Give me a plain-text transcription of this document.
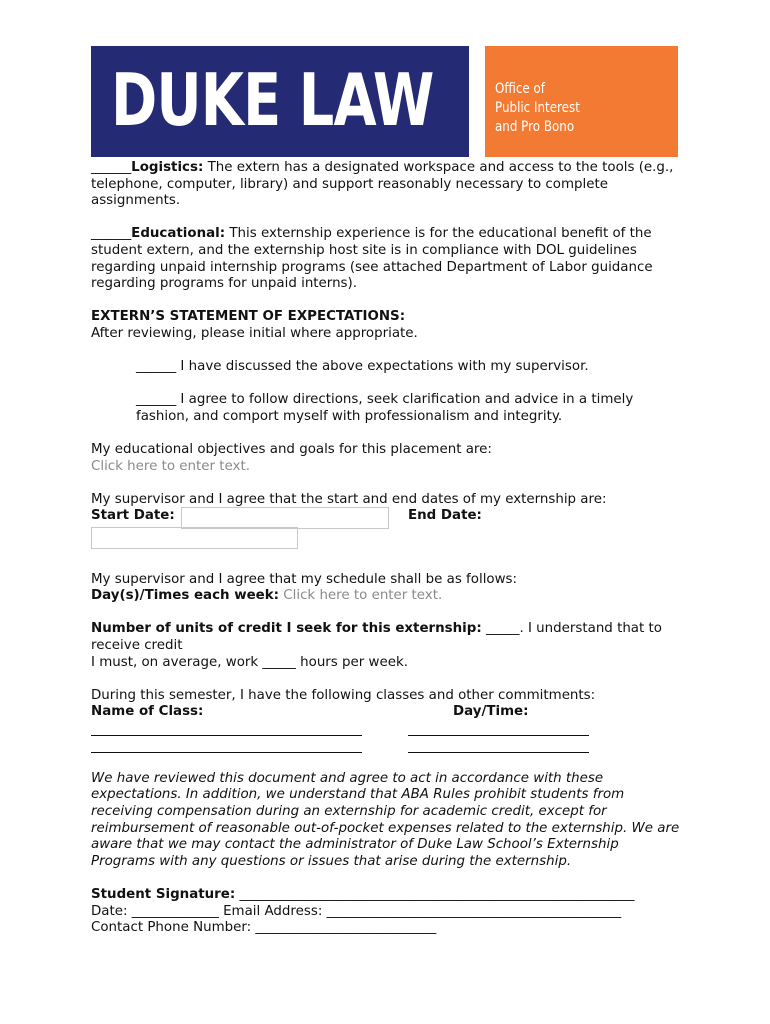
DUKE LAW	Office of
Public Interest
and Pro Bono

______Logistics: The extern has a designated workspace and access to the tools (e.g., telephone, computer, library) and support reasonably necessary to complete assignments.

______Educational: This externship experience is for the educational benefit of the student extern, and the externship host site is in compliance with DOL guidelines regarding unpaid internship programs (see attached Department of Labor guidance regarding programs for unpaid interns).

EXTERN’S STATEMENT OF EXPECTATIONS:

After reviewing, please initial where appropriate.

______ I have discussed the above expectations with my supervisor.

______ I agree to follow directions, seek clarification and advice in a timely fashion, and comport myself with professionalism and integrity.

My educational objectives and goals for this placement are:

Click here to enter text.

My supervisor and I agree that the start and end dates of my externship are:

Start Date:	End Date:

My supervisor and I agree that my schedule shall be as follows:

Day(s)/Times each week: Click here to enter text.

Number of units of credit I seek for this externship: _____. I understand that to receive credit

I must, on average, work _____ hours per week.

During this semester, I have the following classes and other commitments:

Name of Class:	Day/Time:

We have reviewed this document and agree to act in accordance with these expectations. In addition, we understand that ABA Rules prohibit students from receiving compensation during an externship for academic credit, except for reimbursement of reasonable out-of-pocket expenses related to the externship. We are aware that we may contact the administrator of Duke Law School’s Externship Programs with any questions or issues that arise during the externship.

Student Signature: ___________________________________________________________

Date: _____________ Email Address: ____________________________________________

Contact Phone Number: ___________________________
